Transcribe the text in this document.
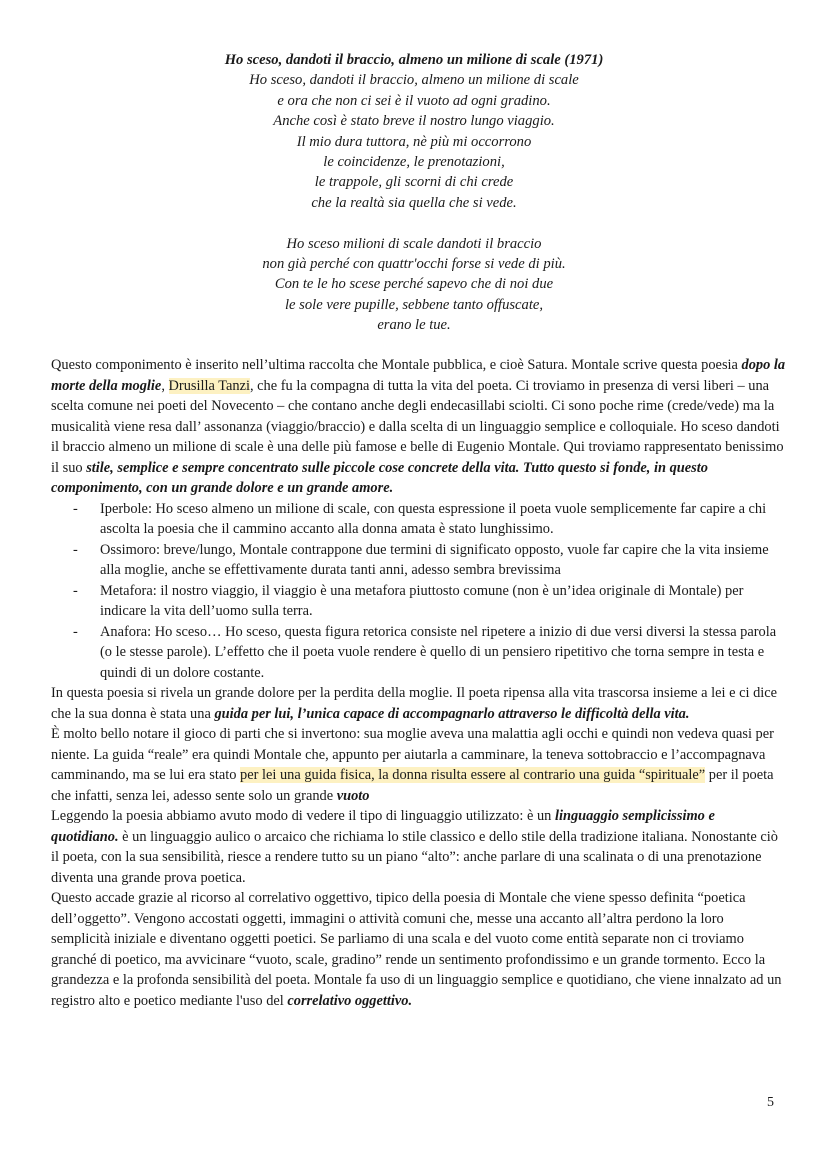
Ho sceso, dandoti il braccio, almeno un milione di scale (1971)
Ho sceso, dandoti il braccio, almeno un milione di scale
e ora che non ci sei è il vuoto ad ogni gradino.
Anche così è stato breve il nostro lungo viaggio.
Il mio dura tuttora, nè più mi occorrono
le coincidenze, le prenotazioni,
le trappole, gli scorni di chi crede
che la realtà sia quella che si vede.
Ho sceso milioni di scale dandoti il braccio
non già perché con quattr'occhi forse si vede di più.
Con te le ho scese perché sapevo che di noi due
le sole vere pupille, sebbene tanto offuscate,
erano le tue.

Questo componimento è inserito nell’ultima raccolta che Montale pubblica, e cioè Satura. Montale scrive questa poesia dopo la morte della moglie, Drusilla Tanzi, che fu la compagna di tutta la vita del poeta. Ci troviamo in presenza di versi liberi – una scelta comune nei poeti del Novecento – che contano anche degli endecasillabi sciolti. Ci sono poche rime (crede/vede) ma la musicalità viene resa dall’ assonanza (viaggio/braccio) e dalla scelta di un linguaggio semplice e colloquiale. Ho sceso dandoti il braccio almeno un milione di scale è una delle più famose e belle di Eugenio Montale. Qui troviamo rappresentato benissimo il suo stile, semplice e sempre concentrato sulle piccole cose concrete della vita. Tutto questo si fonde, in questo componimento, con un grande dolore e un grande amore.

- Iperbole: Ho sceso almeno un milione di scale, con questa espressione il poeta vuole semplicemente far capire a chi ascolta la poesia che il cammino accanto alla donna amata è stato lunghissimo.
- Ossimoro: breve/lungo, Montale contrappone due termini di significato opposto, vuole far capire che la vita insieme alla moglie, anche se effettivamente durata tanti anni, adesso sembra brevissima
- Metafora: il nostro viaggio, il viaggio è una metafora piuttosto comune (non è un’idea originale di Montale) per indicare la vita dell’uomo sulla terra.
- Anafora: Ho sceso… Ho sceso, questa figura retorica consiste nel ripetere a inizio di due versi diversi la stessa parola (o le stesse parole). L’effetto che il poeta vuole rendere è quello di un pensiero ripetitivo che torna sempre in testa e quindi di un dolore costante.

In questa poesia si rivela un grande dolore per la perdita della moglie. Il poeta ripensa alla vita trascorsa insieme a lei e ci dice che la sua donna è stata una guida per lui, l’unica capace di accompagnarlo attraverso le difficoltà della vita.

È molto bello notare il gioco di parti che si invertono: sua moglie aveva una malattia agli occhi e quindi non vedeva quasi per niente. La guida “reale” era quindi Montale che, appunto per aiutarla a camminare, la teneva sottobraccio e l’accompagnava camminando, ma se lui era stato per lei una guida fisica, la donna risulta essere al contrario una guida “spirituale” per il poeta che infatti, senza lei, adesso sente solo un grande vuoto

Leggendo la poesia abbiamo avuto modo di vedere il tipo di linguaggio utilizzato: è un linguaggio semplicissimo e quotidiano. è un linguaggio aulico o arcaico che richiama lo stile classico e dello stile della tradizione italiana. Nonostante ciò il poeta, con la sua sensibilità, riesce a rendere tutto su un piano “alto”: anche parlare di una scalinata o di una prenotazione diventa una grande prova poetica.

Questo accade grazie al ricorso al correlativo oggettivo, tipico della poesia di Montale che viene spesso definita “poetica dell’oggetto”. Vengono accostati oggetti, immagini o attività comuni che, messe una accanto all’altra perdono la loro semplicità iniziale e diventano oggetti poetici. Se parliamo di una scala e del vuoto come entità separate non ci troviamo granché di poetico, ma avvicinare “vuoto, scale, gradino” rende un sentimento profondissimo e un grande tormento. Ecco la grandezza e la profonda sensibilità del poeta. Montale fa uso di un linguaggio semplice e quotidiano, che viene innalzato ad un registro alto e poetico mediante l'uso del correlativo oggettivo.

5
